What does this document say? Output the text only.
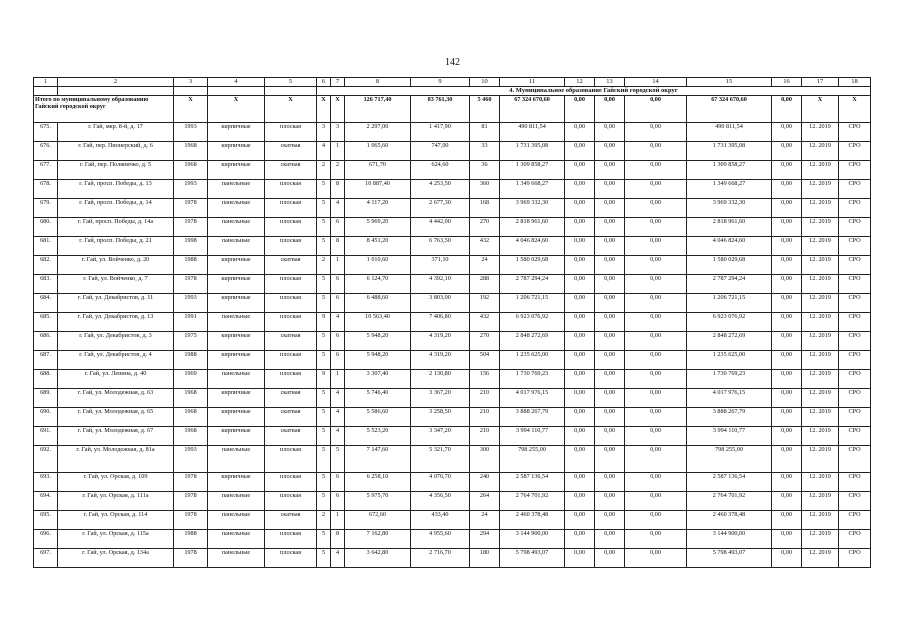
142
1	2	3	4	5	6	7	8	9	10	11	12	13	14	15	16	17	18
					4. Муниципальное образование Гайский городской округ												
Итого по муниципальному образованию Гайский городской округ		X	X	X	X	X	126 717,40	83 761,30	5 460	67 324 670,60	0,00	0,00	0,00	67 324 670,60	0,00	X	X
675.	г. Гай, мкр. 8-й, д. 17	1993	кирпичные	плоская	3	3	2 297,00	1 417,90	81	490 811,54	0,00	0,00	0,00	490 811,54	0,00	12. 2019	СРО
676.	г. Гай, пер. Пионерский, д. 6	1968	кирпичные	скатная	4	1	1 065,60	747,00	33	1 731 395,08	0,00	0,00	0,00	1 731 395,08	0,00	12. 2019	СРО
677.	г. Гай, пер. Поляничко, д. 5	1968	кирпичные	скатная	2	2	671,70	624,60	36	1 309 858,27	0,00	0,00	0,00	1 309 858,27	0,00	12. 2019	СРО
678.	г. Гай, просп. Победы, д. 13	1993	панельные	плоская	5	8	10 887,40	4 253,50	360	1 349 668,27	0,00	0,00	0,00	1 349 668,27	0,00	12. 2019	СРО
679.	г. Гай, просп. Победы, д. 14	1978	панельные	плоская	5	4	4 117,20	2 677,30	168	3 969 332,30	0,00	0,00	0,00	3 969 332,30	0,00	12. 2019	СРО
680.	г. Гай, просп. Победы, д. 14а	1978	панельные	плоская	5	6	5 969,20	4 442,00	270	2 818 961,60	0,00	0,00	0,00	2 818 961,60	0,00	12. 2019	СРО
681.	г. Гай, просп. Победы, д. 21	1998	панельные	плоская	5	8	8 451,20	6 763,50	432	4 046 824,60	0,00	0,00	0,00	4 046 824,60	0,00	12. 2019	СРО
682.	г. Гай, ул. Войченко, д. 20	1988	кирпичные	скатная	2	1	1 010,60	371,10	24	1 580 029,68	0,00	0,00	0,00	1 580 029,68	0,00	12. 2019	СРО
683.	г. Гай, ул. Войченко, д. 7	1978	кирпичные	плоская	5	6	6 124,70	4 392,10	288	2 787 294,24	0,00	0,00	0,00	2 787 294,24	0,00	12. 2019	СРО
684.	г. Гай, ул. Декабристов, д. 11	1993	кирпичные	плоская	5	6	6 488,60	3 803,00	192	1 206 721,15	0,00	0,00	0,00	1 206 721,15	0,00	12. 2019	СРО
685.	г. Гай, ул. Декабристов, д. 13	1991	панельные	плоская	9	4	10 563,40	7 406,80	432	6 923 076,92	0,00	0,00	0,00	6 923 076,92	0,00	12. 2019	СРО
686.	г. Гай, ул. Декабристов, д. 3	1975	кирпичные	скатная	5	6	5 948,20	4 319,20	270	2 848 272,69	0,00	0,00	0,00	2 848 272,69	0,00	12. 2019	СРО
687.	г. Гай, ул. Декабристов, д. 4	1988	кирпичные	плоская	5	6	5 948,20	4 319,20	504	1 235 625,00	0,00	0,00	0,00	1 235 625,00	0,00	12. 2019	СРО
688.	г. Гай, ул. Ленина, д. 40	1969	панельные	плоская	9	1	3 307,40	2 130,80	156	1 730 769,23	0,00	0,00	0,00	1 730 769,23	0,00	12. 2019	СРО
689.	г. Гай, ул. Молодежная, д. 63	1968	кирпичные	скатная	5	4	5 746,40	3 367,20	210	4 017 976,15	0,00	0,00	0,00	4 017 976,15	0,00	12. 2019	СРО
690.	г. Гай, ул. Молодежная, д. 65	1968	кирпичные	скатная	5	4	5 586,60	3 258,50	210	3 888 267,79	0,00	0,00	0,00	3 888 267,79	0,00	12. 2019	СРО
691.	г. Гай, ул. Молодежная, д. 67	1968	кирпичные	скатная	5	4	5 523,20	3 347,20	210	3 994 110,77	0,00	0,00	0,00	3 994 110,77	0,00	12. 2019	СРО
692.	г. Гай, ул. Молодежная, д. 81а	1993	панельные	плоская	5	5	7 147,60	5 321,70	300	798 255,00	0,00	0,00	0,00	798 255,00	0,00	12. 2019	СРО
693.	г. Гай, ул. Орская, д. 109	1978	кирпичные	плоская	5	6	6 258,10	4 076,70	240	2 587 136,54	0,00	0,00	0,00	2 587 136,54	0,00	12. 2019	СРО
694.	г. Гай, ул. Орская, д. 111а	1978	панельные	плоская	5	6	5 975,70	4 356,50	264	2 764 701,92	0,00	0,00	0,00	2 764 701,92	0,00	12. 2019	СРО
695.	г. Гай, ул. Орская, д. 114	1978	панельные	скатная	2	1	672,60	433,40	24	2 460 378,48	0,00	0,00	0,00	2 460 378,48	0,00	12. 2019	СРО
696.	г. Гай, ул. Орская, д. 115а	1988	панельные	плоская	5	8	7 162,80	4 955,60	294	3 144 900,00	0,00	0,00	0,00	3 144 900,00	0,00	12. 2019	СРО
697.	г. Гай, ул. Орская, д. 134а	1978	панельные	плоская	5	4	3 642,80	2 716,70	180	5 798 493,07	0,00	0,00	0,00	5 798 493,07	0,00	12. 2019	СРО
